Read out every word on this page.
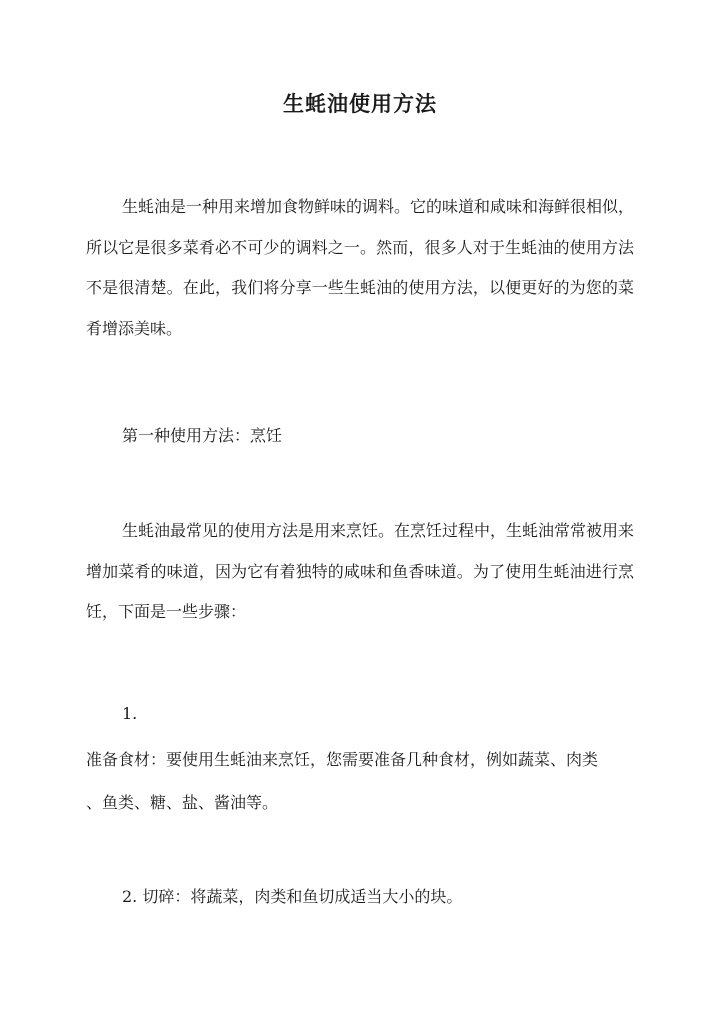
生蚝油使用方法

生蚝油是一种用来增加食物鲜味的调料。它的味道和咸味和海鲜很相似，所以它是很多菜肴必不可少的调料之一。然而，很多人对于生蚝油的使用方法不是很清楚。在此，我们将分享一些生蚝油的使用方法，以便更好的为您的菜肴增添美味。

第一种使用方法：烹饪

生蚝油最常见的使用方法是用来烹饪。在烹饪过程中，生蚝油常常被用来增加菜肴的味道，因为它有着独特的咸味和鱼香味道。为了使用生蚝油进行烹饪，下面是一些步骤：

1.

准备食材：要使用生蚝油来烹饪，您需要准备几种食材，例如蔬菜、肉类

、鱼类、糖、盐、酱油等。

2. 切碎：将蔬菜，肉类和鱼切成适当大小的块。
